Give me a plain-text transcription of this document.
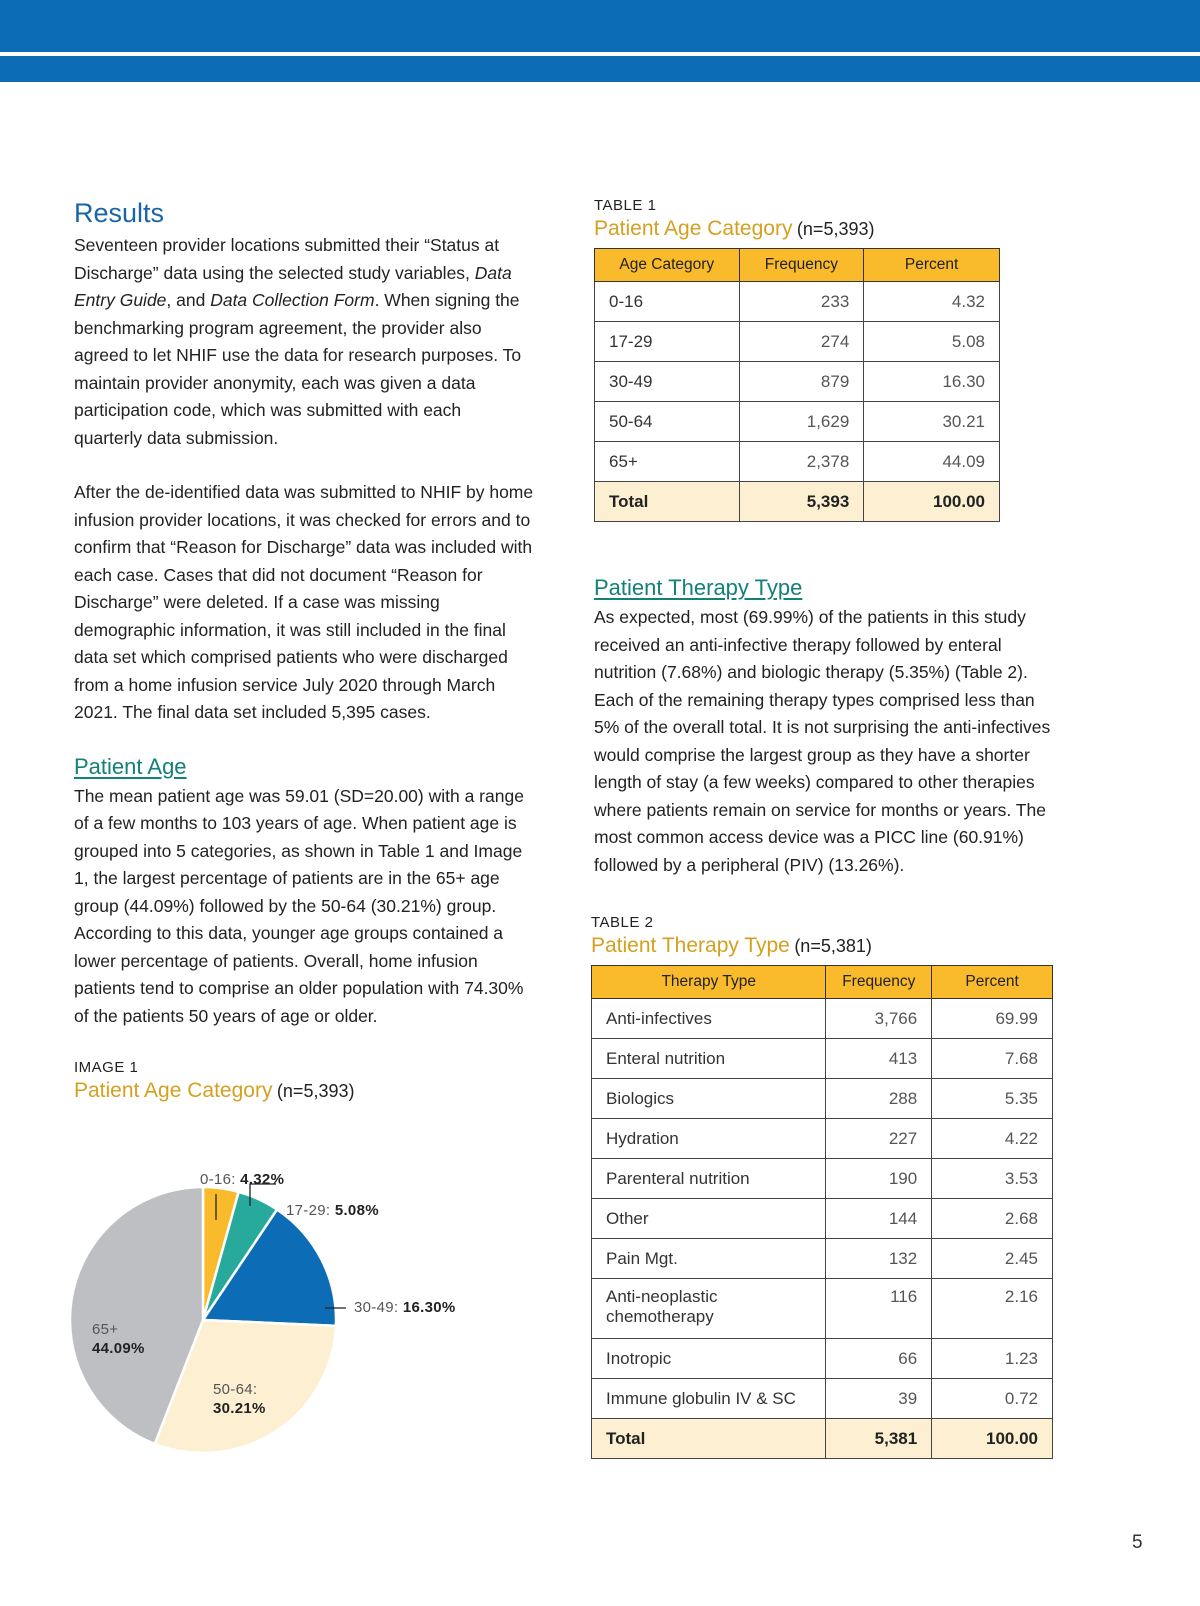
Results

Seventeen provider locations submitted their “Status at Discharge” data using the selected study variables, Data Entry Guide, and Data Collection Form. When signing the benchmarking program agreement, the provider also agreed to let NHIF use the data for research purposes. To maintain provider anonymity, each was given a data participation code, which was submitted with each quarterly data submission.

After the de-identified data was submitted to NHIF by home infusion provider locations, it was checked for errors and to confirm that “Reason for Discharge” data was included with each case. Cases that did not document “Reason for Discharge” were deleted. If a case was missing demographic information, it was still included in the final data set which comprised patients who were discharged from a home infusion service July 2020 through March 2021. The final data set included 5,395 cases.

Patient Age

The mean patient age was 59.01 (SD=20.00) with a range of a few months to 103 years of age. When patient age is grouped into 5 categories, as shown in Table 1 and Image 1, the largest percentage of patients are in the 65+ age group (44.09%) followed by the 50-64 (30.21%) group. According to this data, younger age groups contained a lower percentage of patients. Overall, home infusion patients tend to comprise an older population with 74.30% of the patients 50 years of age or older.

IMAGE 1
Patient Age Category (n=5,393)
0-16: 4.32%
17-29: 5.08%
30-49: 16.30%
50-64:
30.21%
65+
44.09%
TABLE 1
Patient Age Category (n=5,393)
Age Category	Frequency	Percent
0-16	233	4.32
17-29	274	5.08
30-49	879	16.30
50-64	1,629	30.21
65+	2,378	44.09
Total	5,393	100.00
Patient Therapy Type

As expected, most (69.99%) of the patients in this study received an anti-infective therapy followed by enteral nutrition (7.68%) and biologic therapy (5.35%) (Table 2). Each of the remaining therapy types comprised less than 5% of the overall total. It is not surprising the anti-infectives would comprise the largest group as they have a shorter length of stay (a few weeks) compared to other therapies where patients remain on service for months or years. The most common access device was a PICC line (60.91%) followed by a peripheral (PIV) (13.26%).

TABLE 2
Patient Therapy Type (n=5,381)
Therapy Type	Frequency	Percent
Anti-infectives	3,766	69.99
Enteral nutrition	413	7.68
Biologics	288	5.35
Hydration	227	4.22
Parenteral nutrition	190	3.53
Other	144	2.68
Pain Mgt.	132	2.45
Anti-neoplastic chemotherapy	116	2.16
Inotropic	66	1.23
Immune globulin IV & SC	39	0.72
Total	5,381	100.00
5
